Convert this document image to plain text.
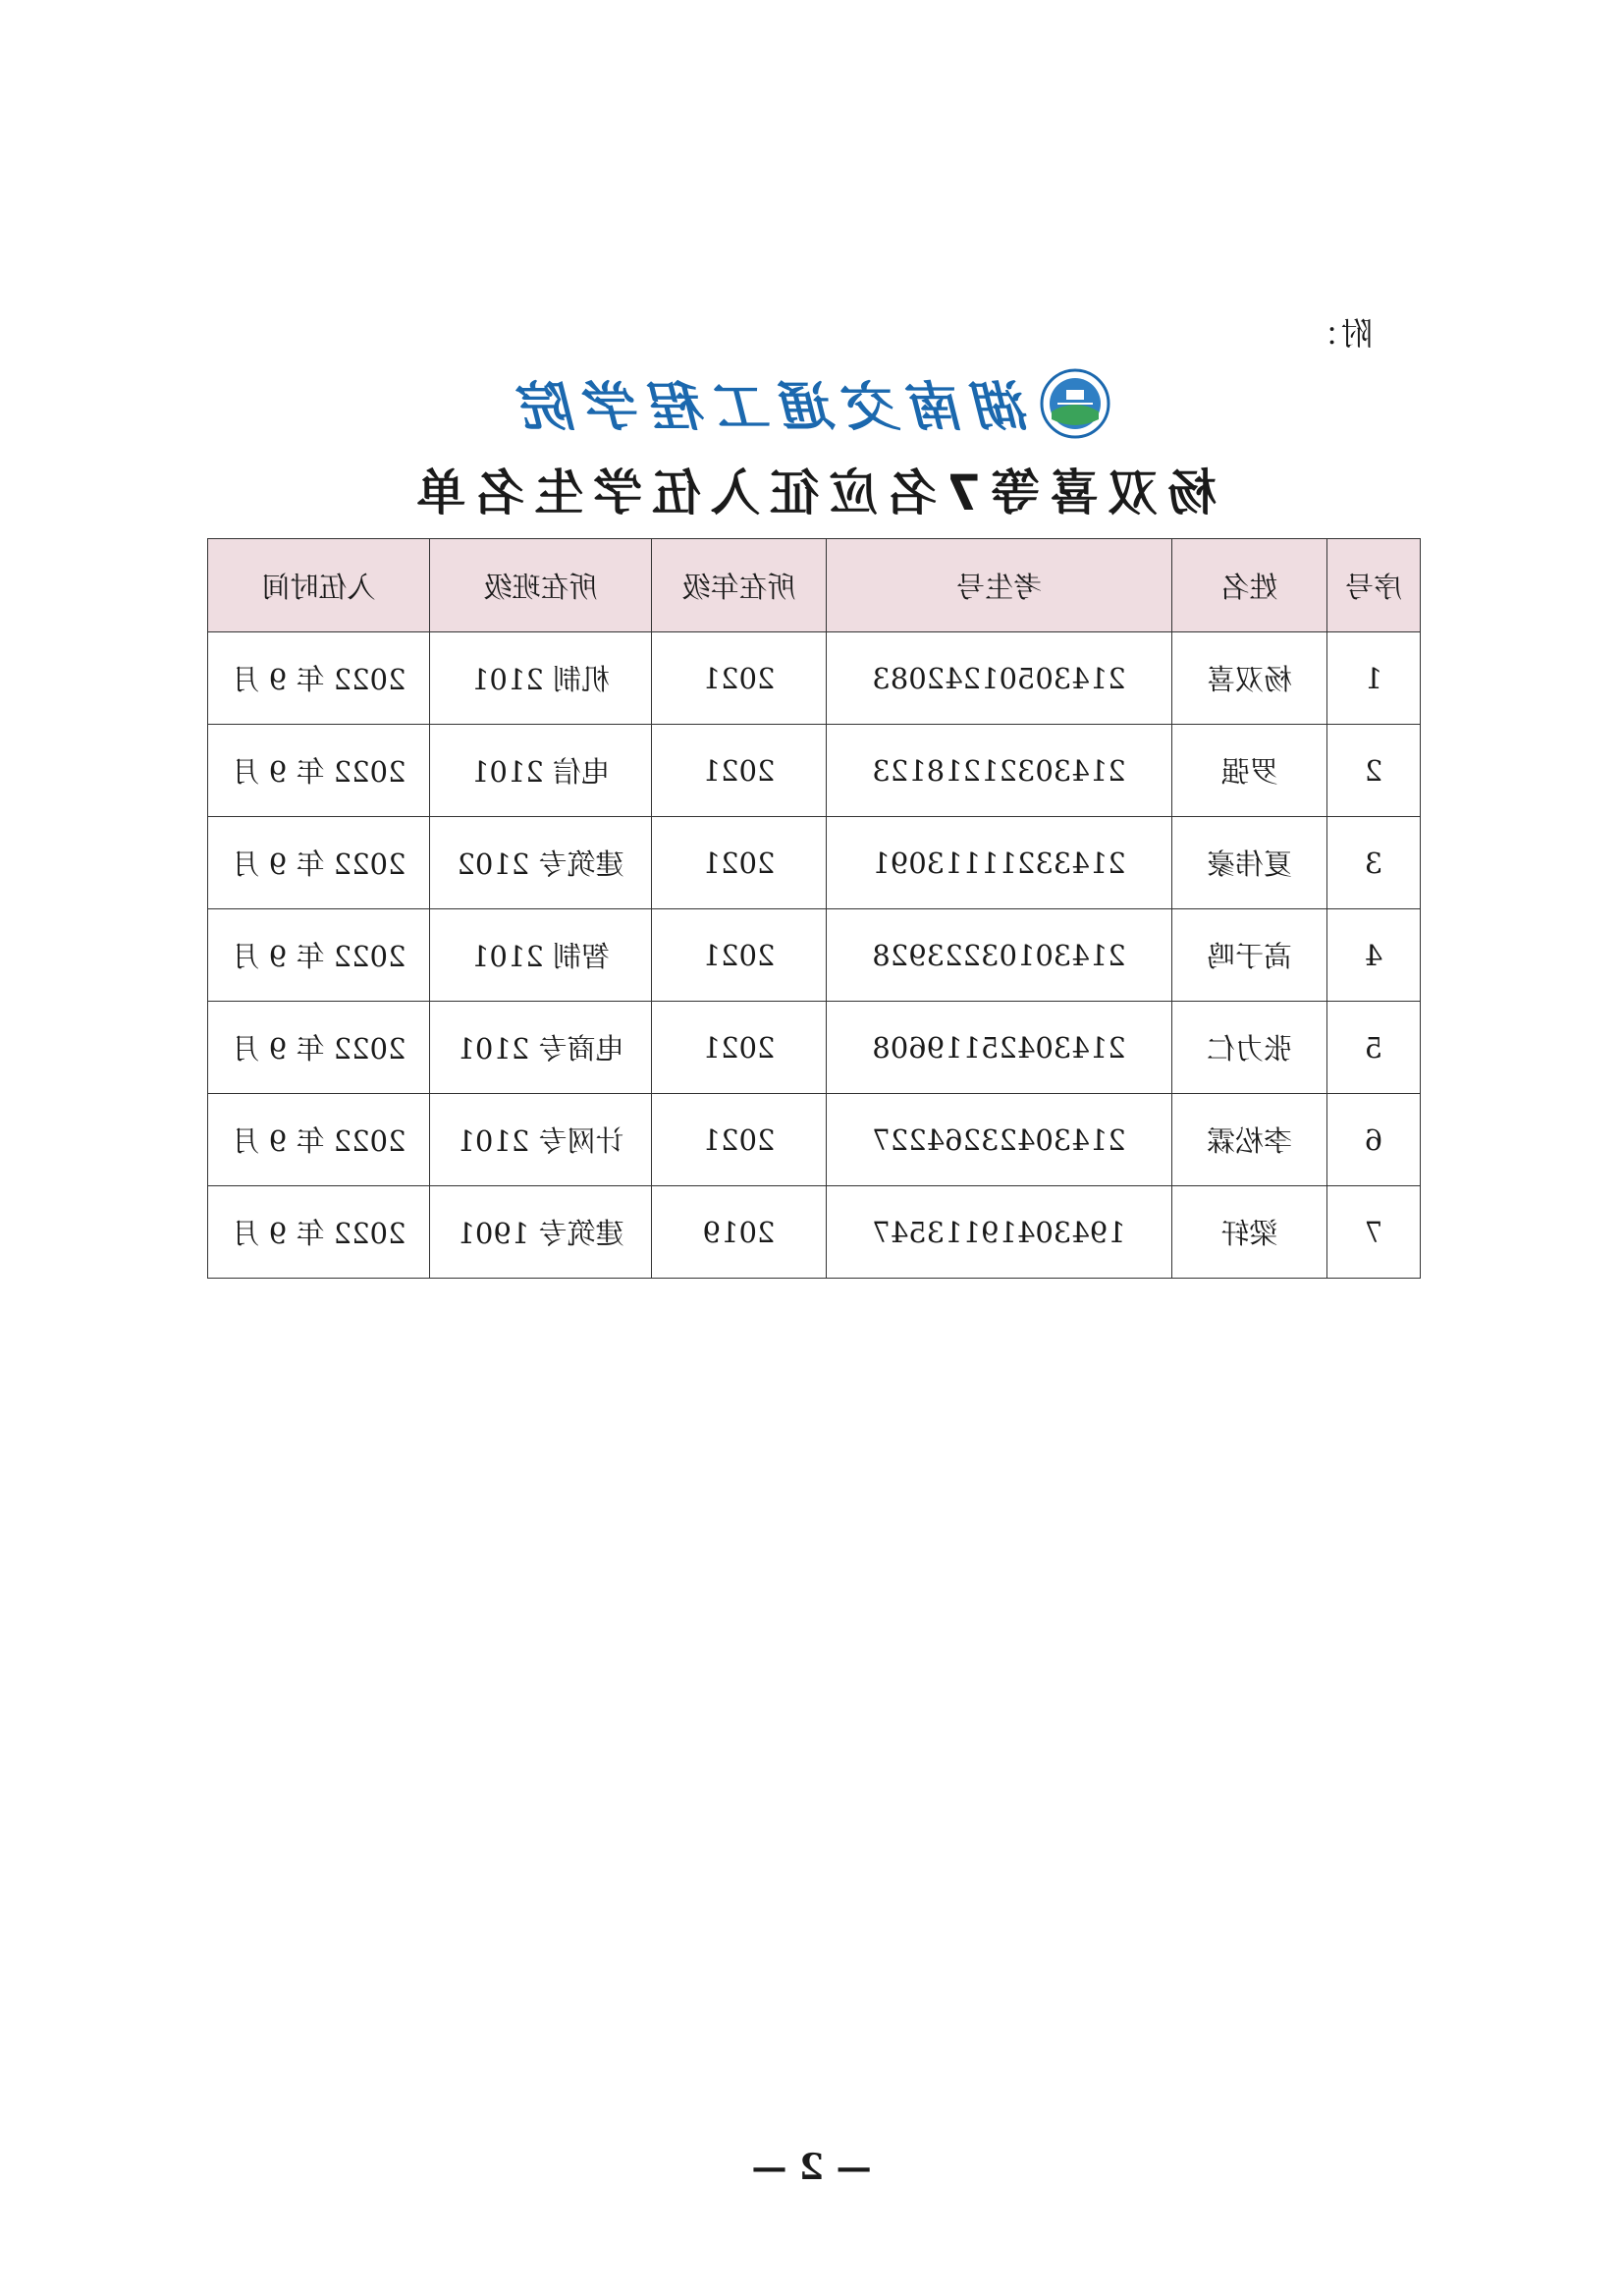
附：
湖南交通工程学院
杨双喜等7名应征入伍学生名单
序号	姓名	考生号	所在年级	所在班级	入伍时间
1	杨双喜	21430501242083	2021	机制 2101	2022 年 9 月
2	罗强	21430321218123	2021	电信 2101	2022 年 9 月
3	夏伟豪	21433211113091	2021	建筑专 2102	2022 年 9 月
4	高于鸣	21430103223928	2021	智制 2101	2022 年 9 月
5	张力仁	21430425119608	2021	电商专 2101	2022 年 9 月
6	李松霖	21430423264227	2021	计网专 2101	2022 年 9 月
7	梁轩	19430419113547	2019	建筑专 1901	2022 年 9 月
— 2 —
